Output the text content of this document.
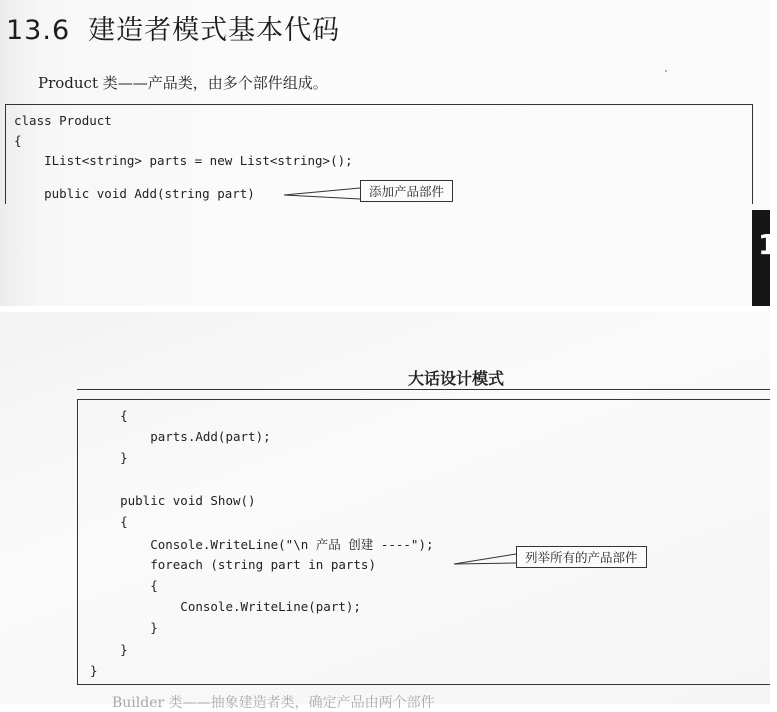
13.6 建造者模式基本代码
Product 类——产品类，由多个部件组成。
class Product
{
IList<string> parts = new List<string>();
public void Add(string part)	添加产品部件
1
大话设计模式
{
parts.Add(part);
}
public void Show()
{
Console.WriteLine("\n 产品 创建 ----");
foreach (string part in parts)
{
Console.WriteLine(part);
}
}
}
列举所有的产品部件
Builder 类——抽象建造者类，确定产品由两个部件
